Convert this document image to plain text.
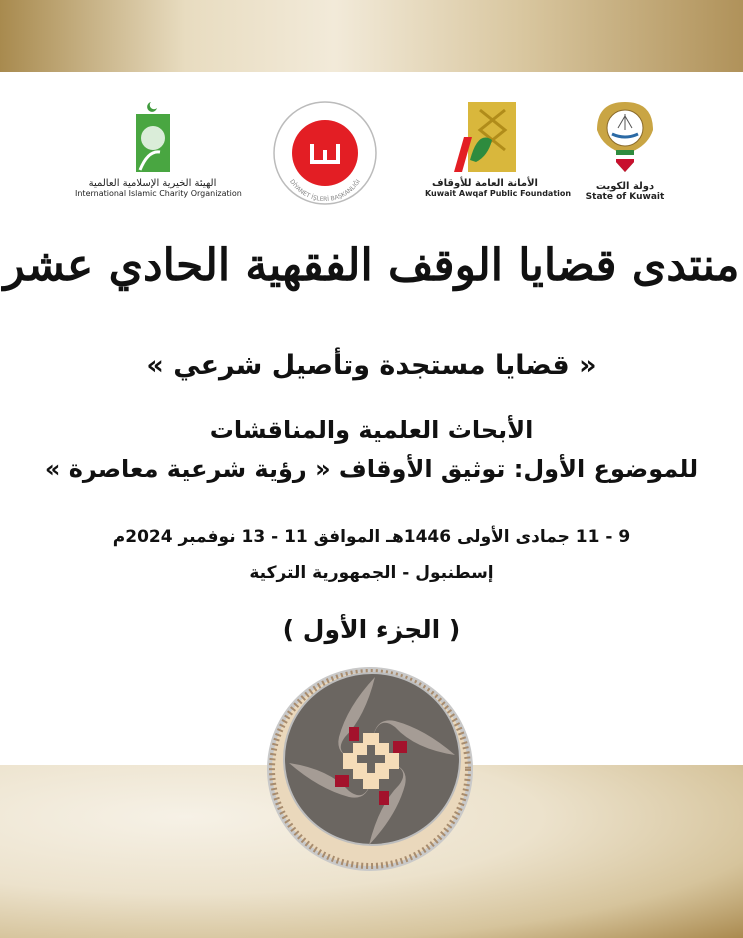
الهيئة الخيرية الإسلامية العالمية
International Islamic Charity Organization
DİYANET İŞLERİ BAŞKANLIĞI	الأمانة العامة للأوقاف
Kuwait Awqaf Public Foundation
دولة الكويت
State of Kuwait
منتدى قضايا الوقف الفقهية الحادي عشر
« قضايا مستجدة وتأصيل شرعي »
الأبحاث العلمية والمناقشات
للموضوع الأول: توثيق الأوقاف « رؤية شرعية معاصرة »
9 - 11 جمادى الأولى 1446هـ الموافق 11 - 13 نوفمبر 2024م
إسطنبول - الجمهورية التركية
( الجزء الأول )
